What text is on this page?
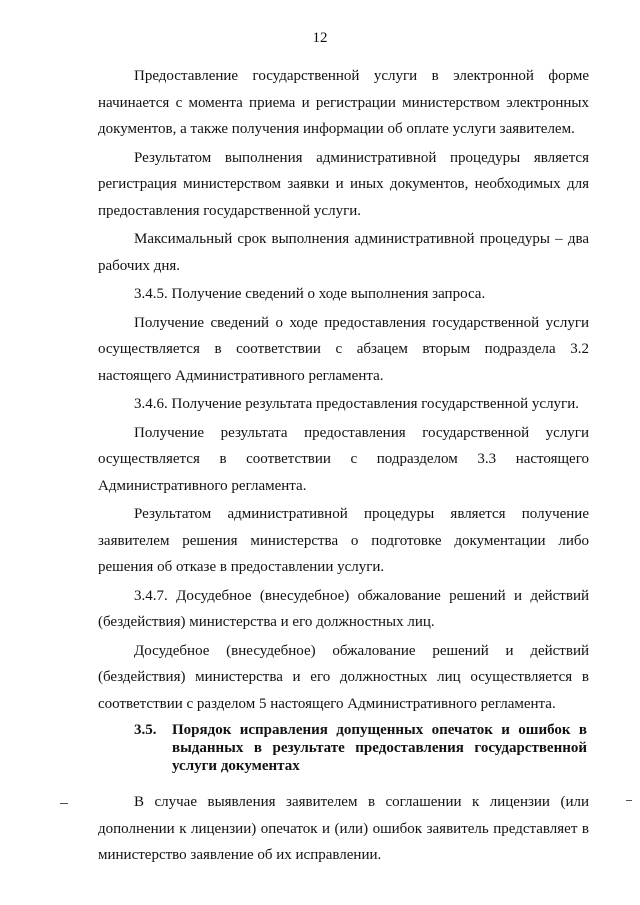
12

Предоставление государственной услуги в электронной форме начинается с момента приема и регистрации министерством электронных документов, а также получения информации об оплате услуги заявителем.

Результатом выполнения административной процедуры является регистрация министерством заявки и иных документов, необходимых для предоставления государственной услуги.

Максимальный срок выполнения административной процедуры – два рабочих дня.

3.4.5. Получение сведений о ходе выполнения запроса.

Получение сведений о ходе предоставления государственной услуги осуществляется в соответствии с абзацем вторым подраздела 3.2 настоящего Административного регламента.

3.4.6. Получение результата предоставления государственной услуги.

Получение результата предоставления государственной услуги осуществляется в соответствии с подразделом 3.3 настоящего Административного регламента.

Результатом административной процедуры является получение заявителем решения министерства о подготовке документации либо решения об отказе в предоставлении услуги.

3.4.7. Досудебное (внесудебное) обжалование решений и действий (бездействия) министерства и его должностных лиц.

Досудебное (внесудебное) обжалование решений и действий (бездействия) министерства и его должностных лиц осуществляется в соответствии с разделом 5 настоящего Административного регламента.

3.5.	Порядок исправления допущенных опечаток и ошибок в выданных в результате предоставления государственной услуги документах

В случае выявления заявителем в соглашении к лицензии (или дополнении к лицензии) опечаток и (или) ошибок заявитель представляет в министерство заявление об их исправлении.
